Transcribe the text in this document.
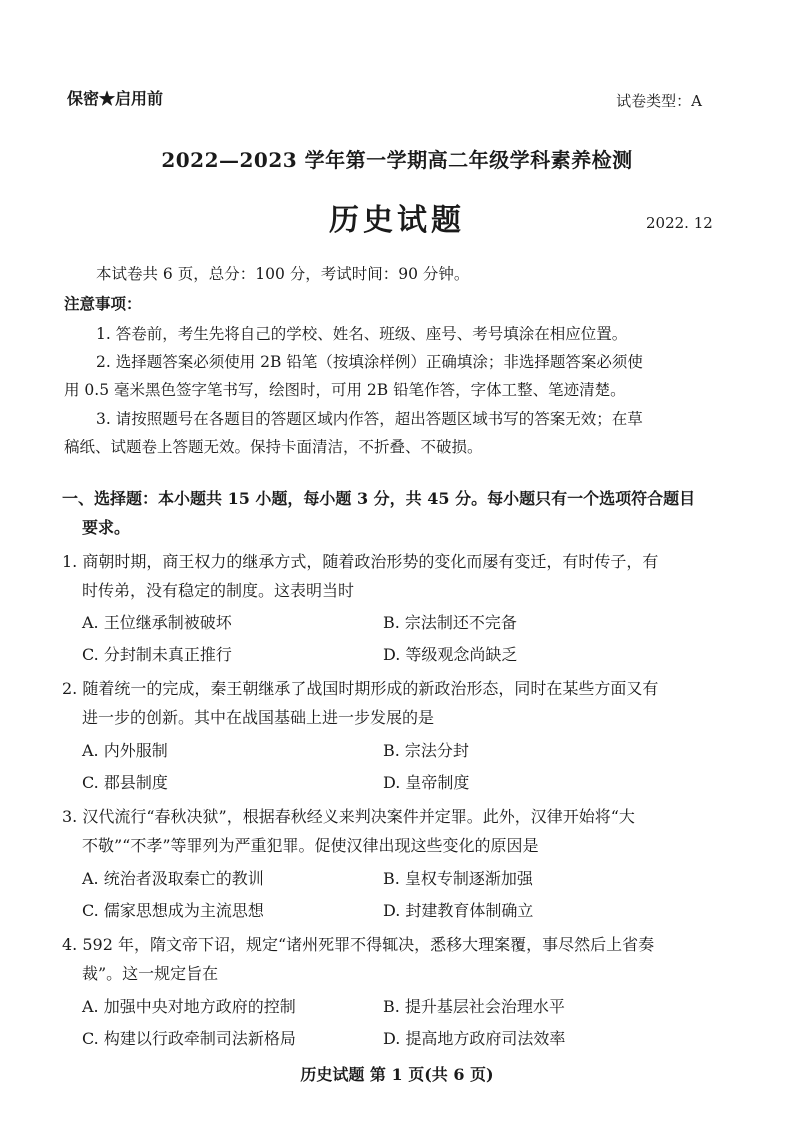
保密★启用前	试卷类型：A
2022—2023 学年第一学期高二年级学科素养检测
历史试题	2022. 12
本试卷共 6 页，总分：100 分，考试时间：90 分钟。
注意事项：
1. 答卷前，考生先将自己的学校、姓名、班级、座号、考号填涂在相应位置。
2. 选择题答案必须使用 2B 铅笔（按填涂样例）正确填涂；非选择题答案必须使
用 0.5 毫米黑色签字笔书写，绘图时，可用 2B 铅笔作答，字体工整、笔迹清楚。
3. 请按照题号在各题目的答题区域内作答，超出答题区域书写的答案无效；在草
稿纸、试题卷上答题无效。保持卡面清洁，不折叠、不破损。
一、选择题：本小题共 15 小题，每小题 3 分，共 45 分。每小题只有一个选项符合题目
要求。
1. 商朝时期，商王权力的继承方式，随着政治形势的变化而屡有变迁，有时传子，有
时传弟，没有稳定的制度。这表明当时
A. 王位继承制被破坏	B. 宗法制还不完备
C. 分封制未真正推行	D. 等级观念尚缺乏
2. 随着统一的完成，秦王朝继承了战国时期形成的新政治形态，同时在某些方面又有
进一步的创新。其中在战国基础上进一步发展的是
A. 内外服制	B. 宗法分封
C. 郡县制度	D. 皇帝制度
3. 汉代流行“春秋决狱”，根据春秋经义来判决案件并定罪。此外，汉律开始将“大
不敬”“不孝”等罪列为严重犯罪。促使汉律出现这些变化的原因是
A. 统治者汲取秦亡的教训	B. 皇权专制逐渐加强
C. 儒家思想成为主流思想	D. 封建教育体制确立
4. 592 年，隋文帝下诏，规定“诸州死罪不得辄决，悉移大理案覆，事尽然后上省奏
裁”。这一规定旨在
A. 加强中央对地方政府的控制	B. 提升基层社会治理水平
C. 构建以行政牵制司法新格局	D. 提高地方政府司法效率
历史试题 第 1 页(共 6 页)
